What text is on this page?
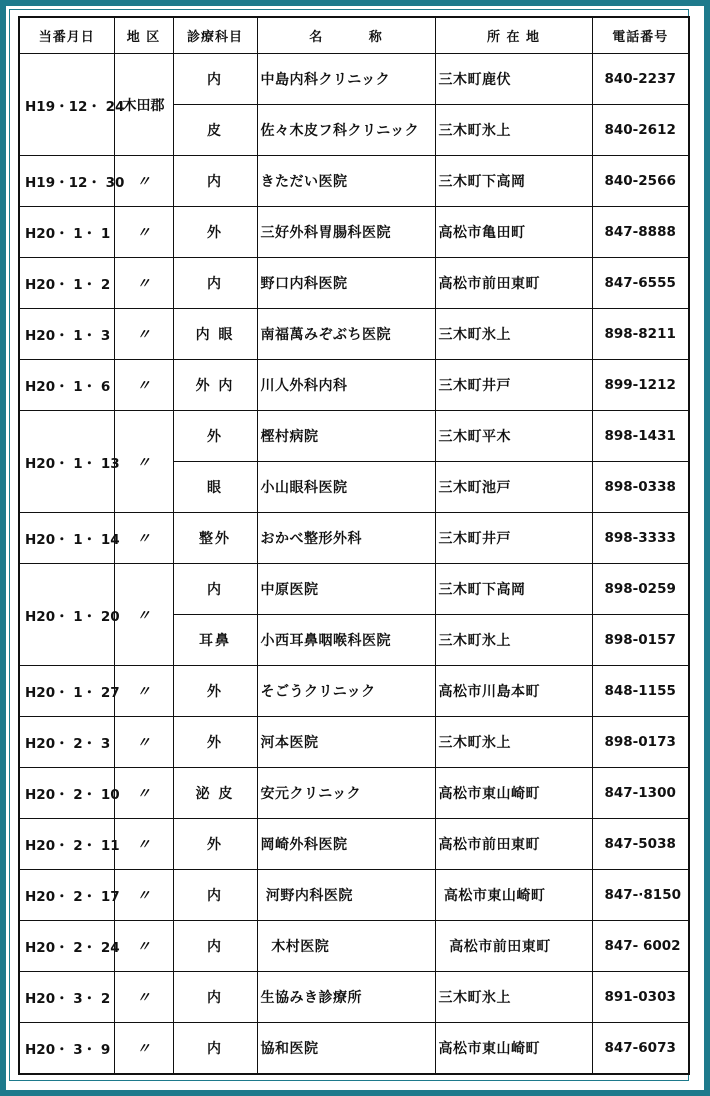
当番月日	地 区	診療科目	名 称	所 在 地	電話番号
H19・12・ 24	木田郡	内	中島内科クリニック	三木町鹿伏	840-2237
		皮	佐々木皮フ科クリニック	三木町氷上	840-2612
H19・12・ 30	〃	内	きただい医院	三木町下高岡	840-2566
H20・ 1・ 1	〃	外	三好外科胃腸科医院	高松市亀田町	847-8888
H20・ 1・ 2	〃	内	野口内科医院	高松市前田東町	847-6555
H20・ 1・ 3	〃	内 眼	南福萬みぞぶち医院	三木町氷上	898-8211
H20・ 1・ 6	〃	外 内	川人外科内科	三木町井戸	899-1212
H20・ 1・ 13	〃	外	樫村病院	三木町平木	898-1431
		眼	小山眼科医院	三木町池戸	898-0338
H20・ 1・ 14	〃	整外	おかべ整形外科	三木町井戸	898-3333
H20・ 1・ 20	〃	内	中原医院	三木町下高岡	898-0259
		耳鼻	小西耳鼻咽喉科医院	三木町氷上	898-0157
H20・ 1・ 27	〃	外	そごうクリニック	高松市川島本町	848-1155
H20・ 2・ 3	〃	外	河本医院	三木町氷上	898-0173
H20・ 2・ 10	〃	泌 皮	安元クリニック	高松市東山崎町	847-1300
H20・ 2・ 11	〃	外	岡崎外科医院	高松市前田東町	847-5038
H20・ 2・ 17	〃	内	河野内科医院	高松市東山崎町	847-·8150
H20・ 2・ 24	〃	内	木村医院	高松市前田東町	847- 6002
H20・ 3・ 2	〃	内	生協みき診療所	三木町氷上	891-0303
H20・ 3・ 9	〃	内	協和医院	高松市東山崎町	847-6073
